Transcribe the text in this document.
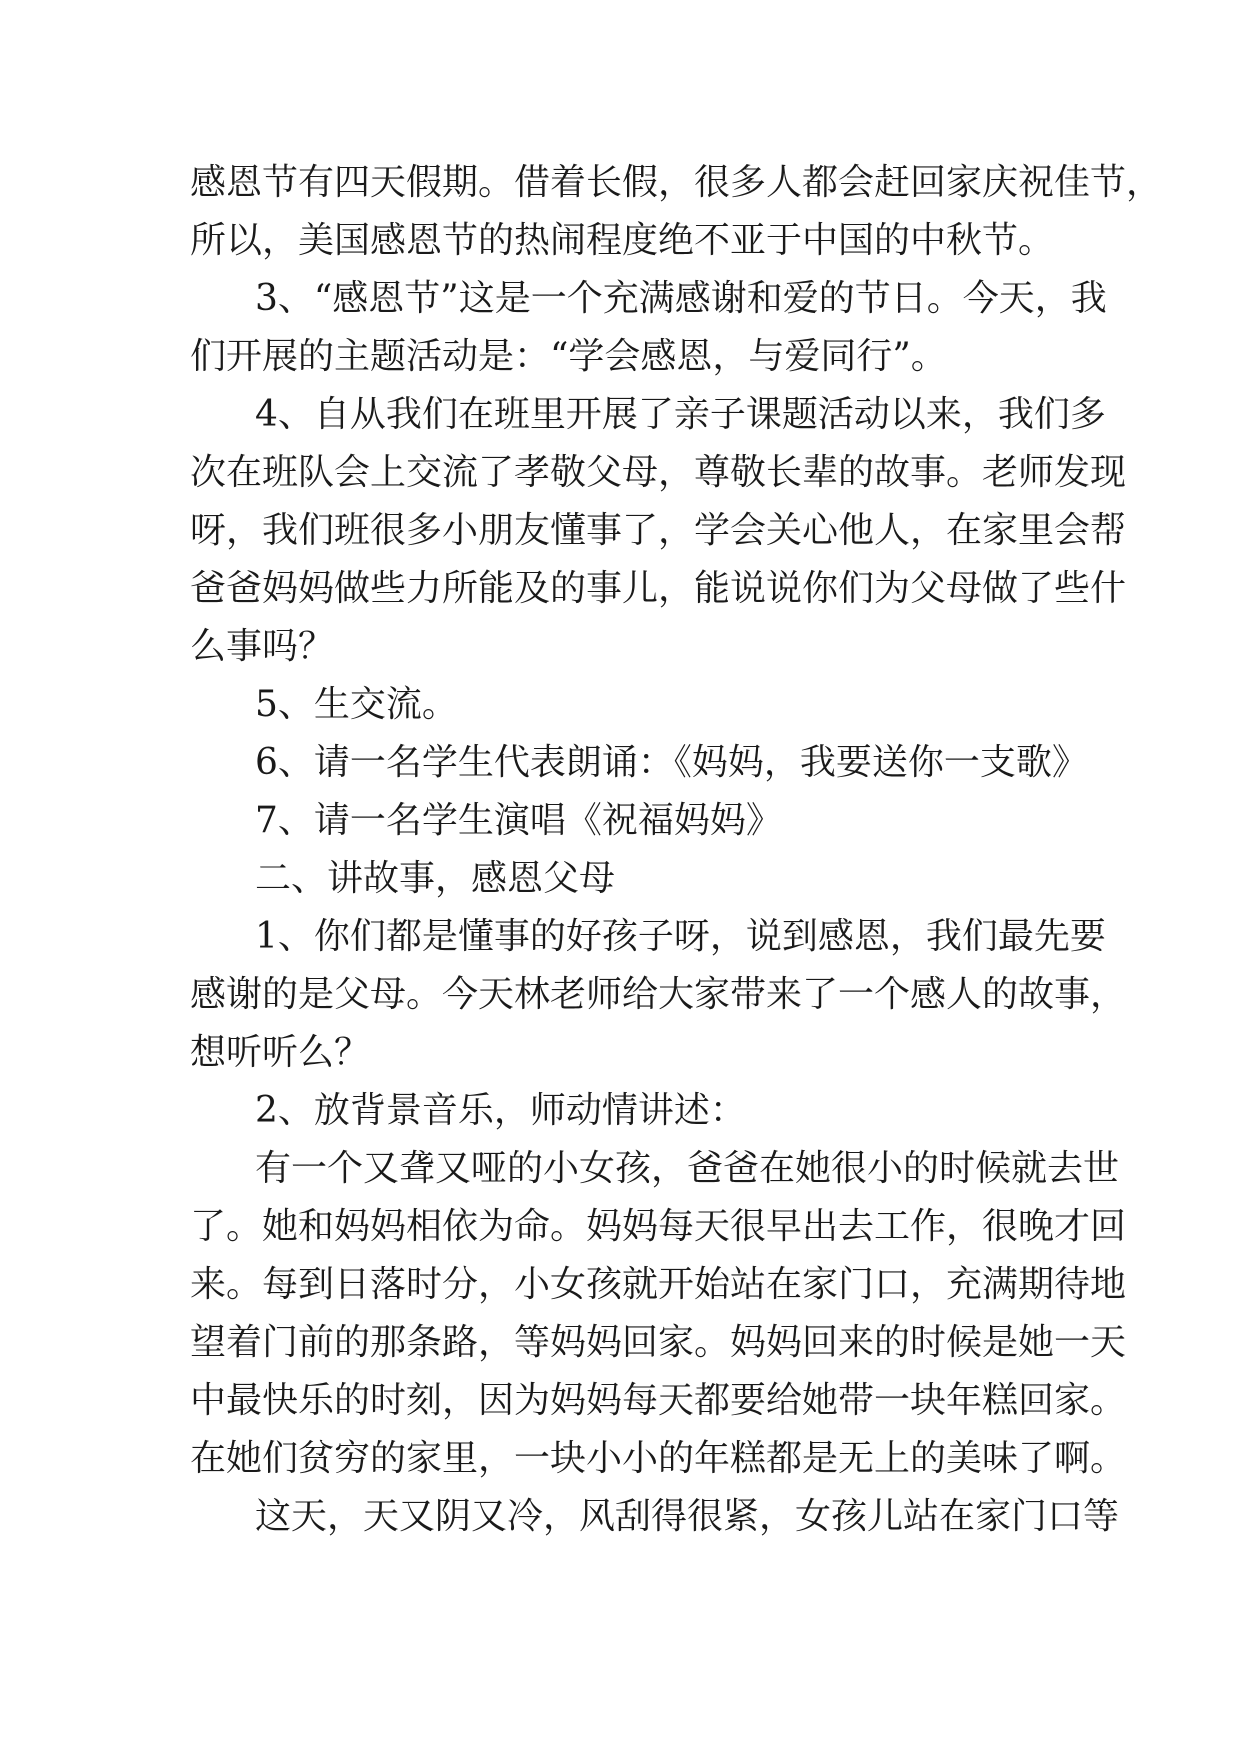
感恩节有四天假期。借着长假，很多人都会赶回家庆祝佳节，
所以，美国感恩节的热闹程度绝不亚于中国的中秋节。
3、“感恩节”这是一个充满感谢和爱的节日。今天，我
们开展的主题活动是：“学会感恩，与爱同行”。
4、自从我们在班里开展了亲子课题活动以来，我们多
次在班队会上交流了孝敬父母，尊敬长辈的故事。老师发现
呀，我们班很多小朋友懂事了，学会关心他人，在家里会帮
爸爸妈妈做些力所能及的事儿，能说说你们为父母做了些什
么事吗？
5、生交流。
6、请一名学生代表朗诵：《妈妈，我要送你一支歌》
7、请一名学生演唱《祝福妈妈》
二、讲故事，感恩父母
1、你们都是懂事的好孩子呀，说到感恩，我们最先要
感谢的是父母。今天林老师给大家带来了一个感人的故事，
想听听么？
2、放背景音乐，师动情讲述：
有一个又聋又哑的小女孩，爸爸在她很小的时候就去世
了。她和妈妈相依为命。妈妈每天很早出去工作，很晚才回
来。每到日落时分，小女孩就开始站在家门口，充满期待地
望着门前的那条路，等妈妈回家。妈妈回来的时候是她一天
中最快乐的时刻，因为妈妈每天都要给她带一块年糕回家。
在她们贫穷的家里，一块小小的年糕都是无上的美味了啊。
这天，天又阴又冷，风刮得很紧，女孩儿站在家门口等
